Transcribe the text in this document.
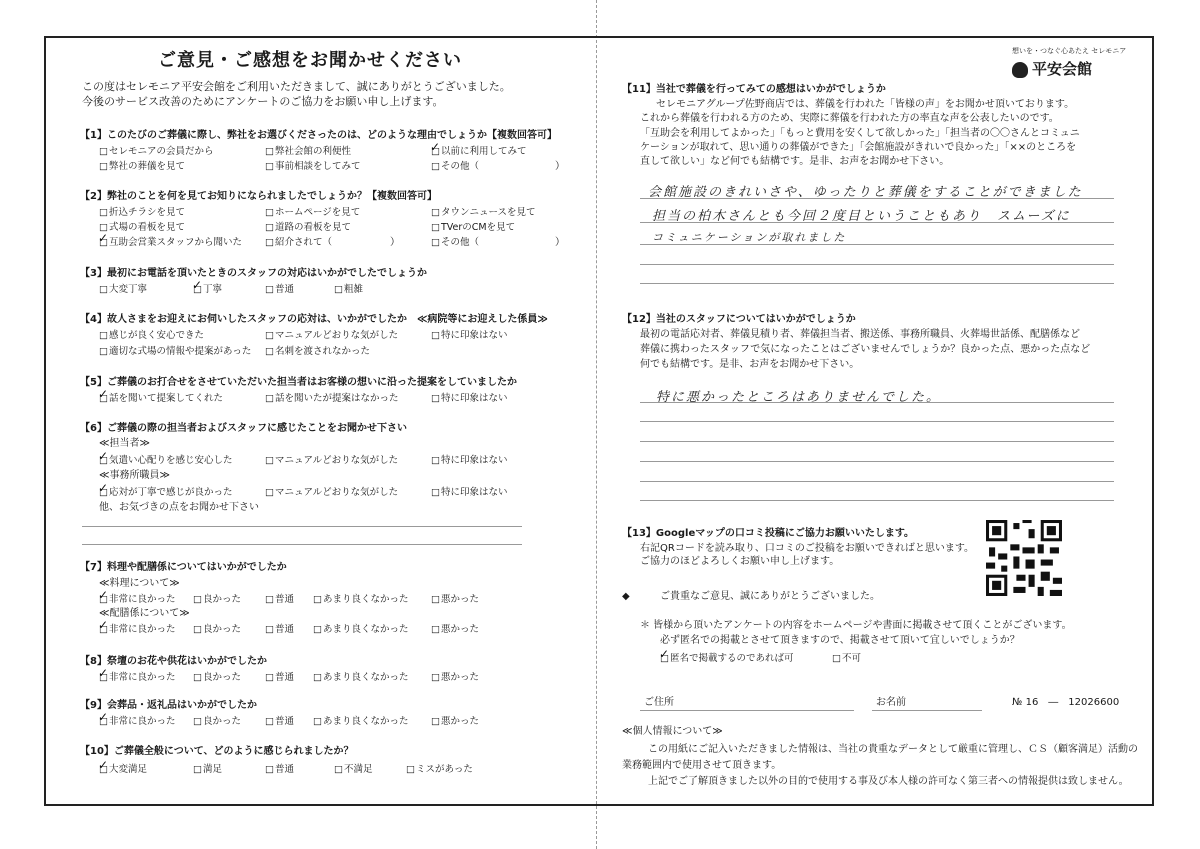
ご意見・ご感想をお聞かせください
この度はセレモニア平安会館をご利用いただきまして、誠にありがとうございました。
今後のサービス改善のためにアンケートのご協力をお願い申し上げます。
【1】このたびのご葬儀に際し、弊社をお選びくださったのは、どのような理由でしょうか【複数回答可】
□ セレモニアの会員だから	□ 弊社会館の利便性	□ 以前に利用してみて ✓
□ 弊社の葬儀を見て	□ 事前相談をしてみて	□ その他（	）
【2】弊社のことを何を見てお知りになられましたでしょうか？【複数回答可】
□ 折込チラシを見て	□ ホームページを見て	□ タウンニュースを見て
□ 式場の看板を見て	□ 道路の看板を見て	□ TVerのCMを見て
□ 互助会営業スタッフから聞いた ✓	□ 紹介されて（	）	□ その他（	）
【3】最初にお電話を頂いたときのスタッフの対応はいかがでしたでしょうか
□ 大変丁寧	□ 丁寧 ✓	□ 普通	□ 粗雑
【4】故人さまをお迎えにお伺いしたスタッフの応対は、いかがでしたか　≪病院等にお迎えした係員≫
□ 感じが良く安心できた	□ マニュアルどおりな気がした	□ 特に印象はない
□ 適切な式場の情報や提案があった	□ 名刺を渡されなかった
【5】ご葬儀のお打合せをさせていただいた担当者はお客様の想いに沿った提案をしていましたか
□ 話を聞いて提案してくれた ✓	□ 話を聞いたが提案はなかった	□ 特に印象はない
【6】ご葬儀の際の担当者およびスタッフに感じたことをお聞かせ下さい
≪担当者≫
□ 気遣い心配りを感じ安心した ✓	□ マニュアルどおりな気がした	□ 特に印象はない
≪事務所職員≫
□ 応対が丁寧で感じが良かった ✓	□ マニュアルどおりな気がした	□ 特に印象はない
他、お気づきの点をお聞かせ下さい
【7】料理や配膳係についてはいかがでしたか
≪料理について≫
□ 非常に良かった ✓	□ 良かった	□ 普通	□ あまり良くなかった	□ 悪かった
≪配膳係について≫
□ 非常に良かった ✓	□ 良かった	□ 普通	□ あまり良くなかった	□ 悪かった
【8】祭壇のお花や供花はいかがでしたか
□ 非常に良かった ✓	□ 良かった	□ 普通	□ あまり良くなかった	□ 悪かった
【9】会葬品・返礼品はいかがでしたか
□ 非常に良かった ✓	□ 良かった	□ 普通	□ あまり良くなかった	□ 悪かった
【10】ご葬儀全般について、どのように感じられましたか？
□ 大変満足 ✓	□ 満足	□ 普通	□ 不満足	□ ミスがあった
想いを・つなぐ心あたえ セレモニア
平安会館
【11】当社で葬儀を行ってみての感想はいかがでしょうか
セレモニアグループ佐野商店では、葬儀を行われた「皆様の声」をお聞かせ頂いております。
これから葬儀を行われる方のため、実際に葬儀を行われた方の率直な声を公表したいのです。
「互助会を利用してよかった」「もっと費用を安くして欲しかった」「担当者の〇〇さんとコミュニ
ケーションが取れて、思い通りの葬儀ができた」「会館施設がきれいで良かった」「××のところを
直して欲しい」など何でも結構です。是非、お声をお聞かせ下さい。
会館施設のきれいさや、ゆったりと葬儀をすることができました
担当の柏木さんとも今回２度目ということもあり　スムーズに
コミュニケーションが取れました
【12】当社のスタッフについてはいかがでしょうか
最初の電話応対者、葬儀見積り者、葬儀担当者、搬送係、事務所職員、火葬場世話係、配膳係など
葬儀に携わったスタッフで気になったことはございませんでしょうか？良かった点、悪かった点など
何でも結構です。是非、お声をお聞かせ下さい。
特に悪かったところはありませんでした。
【13】Googleマップの口コミ投稿にご協力お願いいたします。
右記QRコードを読み取り、口コミのご投稿をお願いできればと思います。
ご協力のほどよろしくお願い申し上げます。
◆
ご貴重なご意見、誠にありがとうございました。
＊ 皆様から頂いたアンケートの内容をホームページや書面に掲載させて頂くことがございます。
必ず匿名での掲載とさせて頂きますので、掲載させて頂いて宜しいでしょうか？
□ 匿名で掲載するのであれば可 ✓	□ 不可
ご住所	お名前	№ 16　―　12026600
≪個人情報について≫
この用紙にご記入いただきました情報は、当社の貴重なデータとして厳重に管理し、ＣＳ（顧客満足）活動の
業務範囲内で使用させて頂きます。
上記でご了解頂きました以外の目的で使用する事及び本人様の許可なく第三者への情報提供は致しません。
